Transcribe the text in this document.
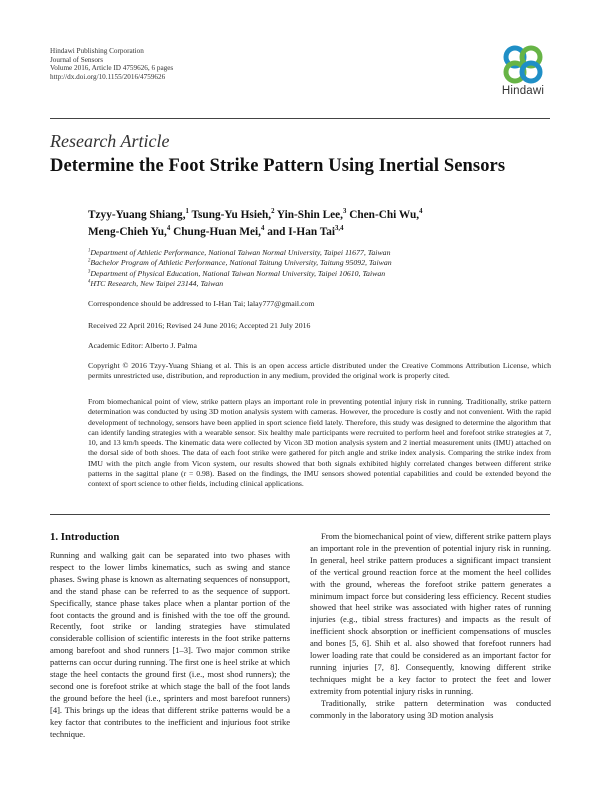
Hindawi Publishing Corporation
Journal of Sensors
Volume 2016, Article ID 4759626, 6 pages
http://dx.doi.org/10.1155/2016/4759626
Hindawi
Research Article
Determine the Foot Strike Pattern Using Inertial Sensors
Tzyy-Yuang Shiang,$^1$ Tsung-Yu Hsieh,$^2$ Yin-Shin Lee,$^3$ Chen-Chi Wu,$^4$
Meng-Chieh Yu,$^4$ Chung-Huan Mei,$^4$ and I-Han Tai$^{3,4}$
$^1$Department of Athletic Performance, National Taiwan Normal University, Taipei 11677, Taiwan
$^2$Bachelor Program of Athletic Performance, National Taitung University, Taitung 95092, Taiwan
$^3$Department of Physical Education, National Taiwan Normal University, Taipei 10610, Taiwan
$^4$HTC Research, New Taipei 23144, Taiwan
Correspondence should be addressed to I-Han Tai; lalay777@gmail.com
Received 22 April 2016; Revised 24 June 2016; Accepted 21 July 2016
Academic Editor: Alberto J. Palma
Copyright © 2016 Tzyy-Yuang Shiang et al. This is an open access article distributed under the Creative Commons Attribution License, which permits unrestricted use, distribution, and reproduction in any medium, provided the original work is properly cited.
From biomechanical point of view, strike pattern plays an important role in preventing potential injury risk in running. Traditionally, strike pattern determination was conducted by using 3D motion analysis system with cameras. However, the procedure is costly and not convenient. With the rapid development of technology, sensors have been applied in sport science field lately. Therefore, this study was designed to determine the algorithm that can identify landing strategies with a wearable sensor. Six healthy male participants were recruited to perform heel and forefoot strike strategies at 7, 10, and 13 km/h speeds. The kinematic data were collected by Vicon 3D motion analysis system and 2 inertial measurement units (IMU) attached on the dorsal side of both shoes. The data of each foot strike were gathered for pitch angle and strike index analysis. Comparing the strike index from IMU with the pitch angle from Vicon system, our results showed that both signals exhibited highly correlated changes between different strike patterns in the sagittal plane (r = 0.98). Based on the findings, the IMU sensors showed potential capabilities and could be extended beyond the context of sport science to other fields, including clinical applications.
1. Introduction

Running and walking gait can be separated into two phases with respect to the lower limbs kinematics, such as swing and stance phases. Swing phase is known as alternating sequences of nonsupport, and the stand phase can be referred to as the sequence of support. Specifically, stance phase takes place when a plantar portion of the foot contacts the ground and is finished with the toe off the ground. Recently, foot strike or landing strategies have stimulated considerable collision of scientific interests in the foot strike patterns among barefoot and shod runners [1–3]. Two major common strike patterns can occur during running. The first one is heel strike at which stage the heel contacts the ground first (i.e., most shod runners); the second one is forefoot strike at which stage the ball of the foot lands the ground before the heel (i.e., sprinters and most barefoot runners) [4]. This brings up the ideas that different strike patterns would be a key factor that contributes to the inefficient and injurious foot strike technique.

From the biomechanical point of view, different strike pattern plays an important role in the prevention of potential injury risk in running. In general, heel strike pattern produces a significant impact transient of the vertical ground reaction force at the moment the heel collides with the ground, whereas the forefoot strike pattern generates a minimum impact force but considering less efficiency. Recent studies showed that heel strike was associated with higher rates of running injuries (e.g., tibial stress fractures) and impacts as the result of inefficient shock absorption or inefficient compensations of muscles and bones [5, 6]. Shih et al. also showed that forefoot runners had lower loading rate that could be considered as an important factor for running injuries [7, 8]. Consequently, knowing different strike techniques might be a key factor to protect the feet and lower extremity from potential injury risks in running.

Traditionally, strike pattern determination was conducted commonly in the laboratory using 3D motion analysis
